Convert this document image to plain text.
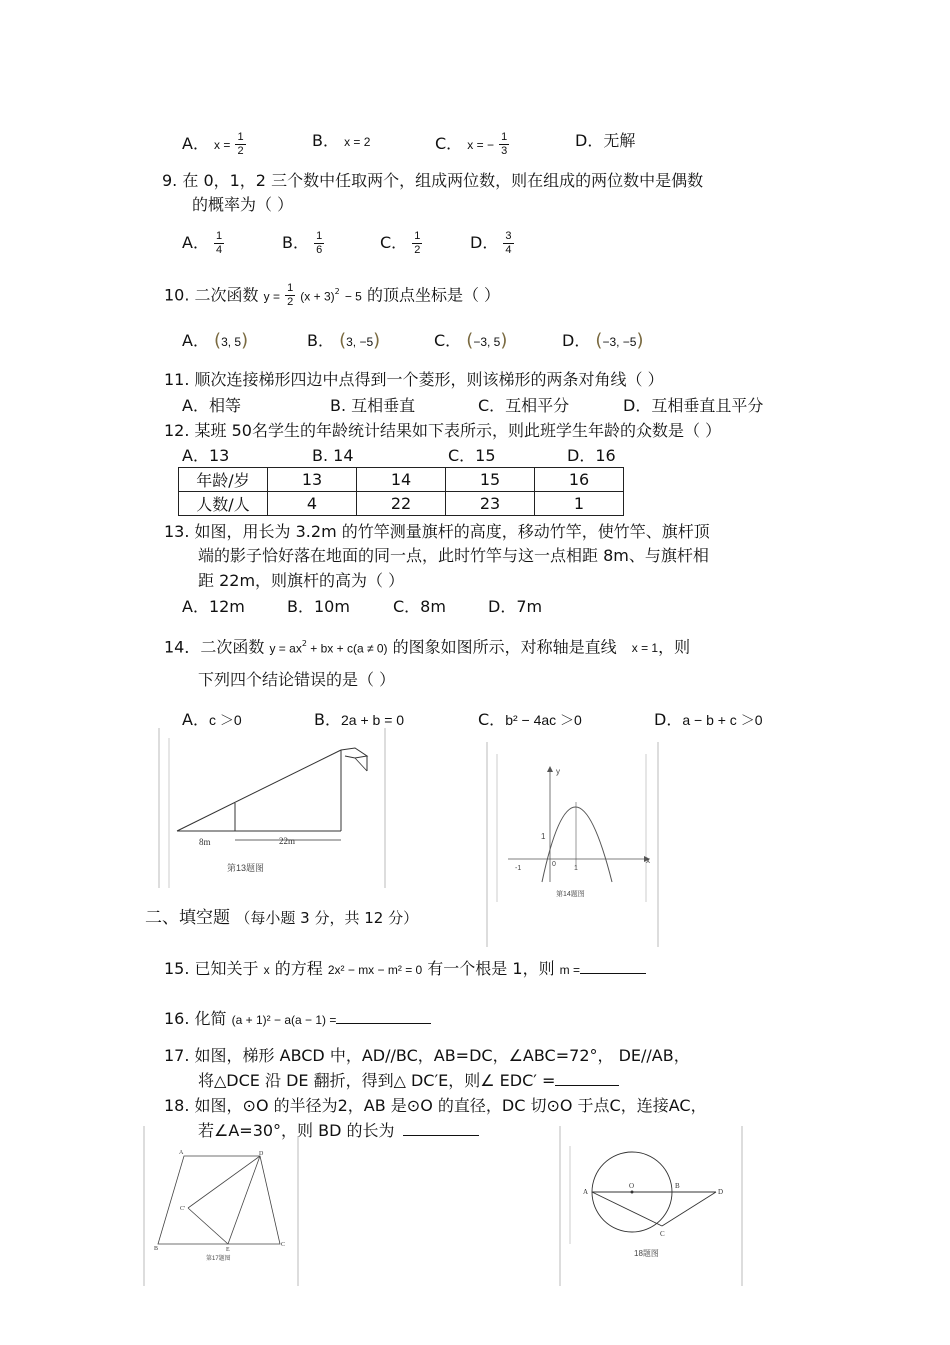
A． $x = \frac{1}{2}$	B． x = 2	C． x = − $\frac{1}{3}$	D．无解
9. 在 0，1，2 三个数中任取两个，组成两位数，则在组成的两位数中是偶数
的概率为（ ）
A． $\frac{1}{4}$	B． $\frac{1}{6}$	C． $\frac{1}{2}$	D． $\frac{3}{4}$
10. 二次函数 $y = \frac{1}{2} (x + 3)^2 - 5$ 的顶点坐标是（ ）
A． (3, 5)	B． (3, −5)	C． (−3, 5)	D． (−3, −5)
11. 顺次连接梯形四边中点得到一个菱形，则该梯形的两条对角线（ ）
A．相等	B. 互相垂直	C．互相平分	D．互相垂直且平分
12. 某班 50名学生的年龄统计结果如下表所示，则此班学生年龄的众数是（ ）
A．13	B. 14	C．15	D．16
年龄/岁	13	14	15	16
人数/人	4	22	23	1
13. 如图，用长为 3.2m 的竹竿测量旗杆的高度，移动竹竿，使竹竿、旗杆顶
端的影子恰好落在地面的同一点，此时竹竿与这一点相距 8m、与旗杆相
距 22m，则旗杆的高为（ ）
A．12m	B．10m	C．8m	D．7m
14．二次函数 $y = ax^2$ + bx + c(a ≠ 0) 的图象如图所示，对称轴是直线 x = 1，则
下列四个结论错误的是（ ）
A．c ＞0	B．2a + b = 0	C．b² − 4ac ＞0	D．a − b + c ＞0
8m	22m
第13题图
y
x
1
0
-1	1
第14题图
二、填空题 （每小题 3 分，共 12 分）
15. 已知关于 x 的方程 2x² − mx − m² = 0 有一个根是 1，则 m =
16. 化简 (a + 1)² − a(a − 1) =
17. 如图，梯形 ABCD 中，AD//BC，AB=DC，∠ABC=72°， DE//AB，
将△DCE 沿 DE 翻折，得到△ DC′E，则∠ EDC′ =
18. 如图，⊙O 的半径为2，AB 是⊙O 的直径，DC 切⊙O 于点C，连接AC，
若∠A=30°，则 BD 的长为
A	D
C'
B	E
C
第17题图
A
O	B
D
C
18题图
